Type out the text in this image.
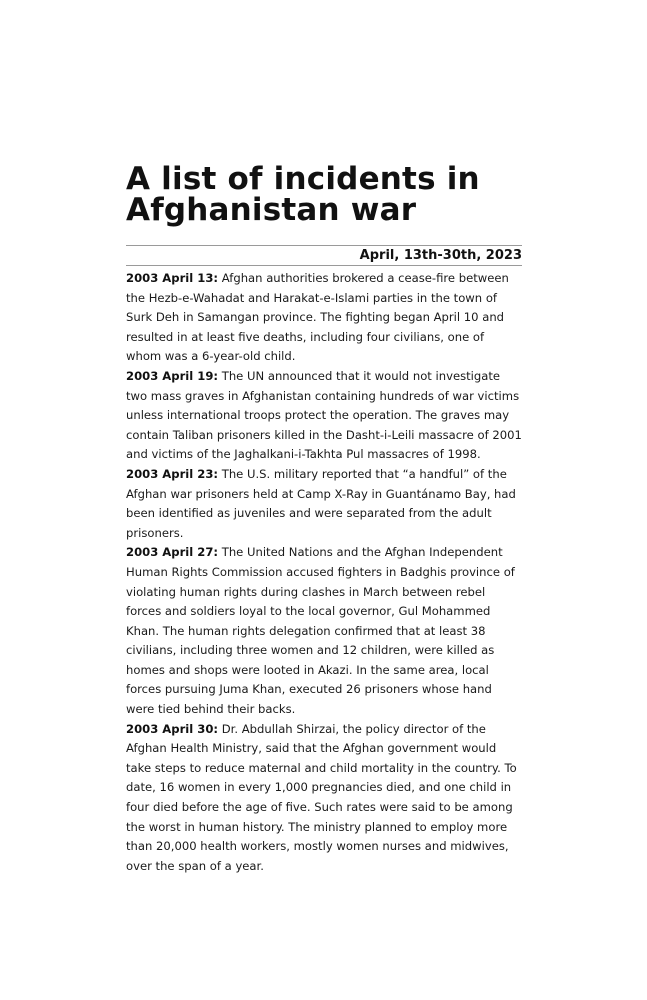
A list of incidents in Afghanistan war
April, 13th-30th, 2023

2003 April 13: Afghan authorities brokered a cease-fire between the Hezb-e-Wahadat and Harakat-e-Islami parties in the town of Surk Deh in Samangan province. The fighting began April 10 and resulted in at least five deaths, including four civilians, one of whom was a 6-year-old child.

2003 April 19: The UN announced that it would not investigate two mass graves in Afghanistan containing hundreds of war victims unless international troops protect the operation. The graves may contain Taliban prisoners killed in the Dasht-i-Leili massacre of 2001 and victims of the Jaghalkani-i-Takhta Pul massacres of 1998.

2003 April 23: The U.S. military reported that “a handful” of the Afghan war prisoners held at Camp X-Ray in Guantánamo Bay, had been identified as juveniles and were separated from the adult prisoners.

2003 April 27: The United Nations and the Afghan Independent Human Rights Commission accused fighters in Badghis province of violating human rights during clashes in March between rebel forces and soldiers loyal to the local governor, Gul Mohammed Khan. The human rights delegation confirmed that at least 38 civilians, including three women and 12 children, were killed as homes and shops were looted in Akazi. In the same area, local forces pursuing Juma Khan, executed 26 prisoners whose hand were tied behind their backs.

2003 April 30: Dr. Abdullah Shirzai, the policy director of the Afghan Health Ministry, said that the Afghan government would take steps to reduce maternal and child mortality in the country. To date, 16 women in every 1,000 pregnancies died, and one child in four died before the age of five. Such rates were said to be among the worst in human history. The ministry planned to employ more than 20,000 health workers, mostly women nurses and midwives, over the span of a year.
